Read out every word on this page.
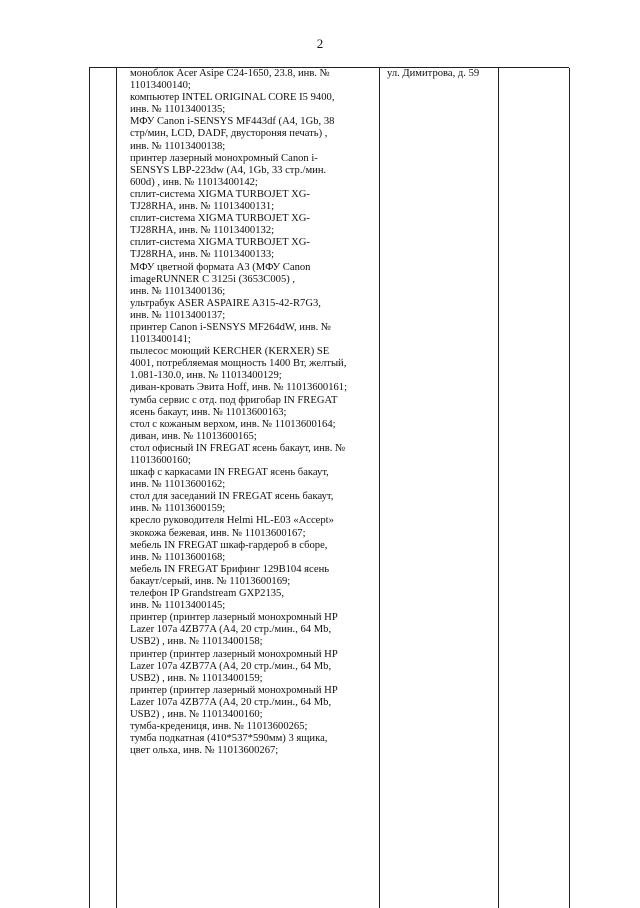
2
моноблок Acer Asipe C24-1650, 23.8, инв. №
11013400140;
компьютер INTEL ORIGINAL CORE I5 9400,
инв. № 11013400135;
МФУ Canon i-SENSYS MF443df (A4, 1Gb, 38
стр/мин, LCD, DADF, двустороняя печать) ,
инв. № 11013400138;
принтер лазерный монохромный Canon i-
SENSYS LBP-223dw (A4, 1Gb, 33 стр./мин.
600d) , инв. № 11013400142;
сплит-система XIGMA TURBOJET XG-
TJ28RHA, инв. № 11013400131;
сплит-система XIGMA TURBOJET XG-
TJ28RHA, инв. № 11013400132;
сплит-система XIGMA TURBOJET XG-
TJ28RHA, инв. № 11013400133;
МФУ цветной формата А3 (МФУ Canon
imageRUNNER C 3125i (3653C005) ,
инв. № 11013400136;
ультрабук ASER ASPAIRE A315-42-R7G3,
инв. № 11013400137;
принтер Canon i-SENSYS MF264dW, инв. №
11013400141;
пылесос моющий KERCHER (KERXER) SE
4001, потребляемая мощность 1400 Вт, желтый,
1.081-130.0, инв. № 11013400129;
диван-кровать Эвита Hoff, инв. № 11013600161;
тумба сервис с отд. под фригобар IN FREGAT
ясень бакаут, инв. № 11013600163;
стол с кожаным верхом, инв. № 11013600164;
диван, инв. № 11013600165;
стол офисный IN FREGAT ясень бакаут, инв. №
11013600160;
шкаф с каркасами IN FREGAT ясень бакаут,
инв. № 11013600162;
стол для заседаний IN FREGAT ясень бакаут,
инв. № 11013600159;
кресло руководителя Helmi HL-E03 «Accept»
экокожа бежевая, инв. № 11013600167;
мебель IN FREGAT шкаф-гардероб в сборе,
инв. № 11013600168;
мебель IN FREGAT Брифинг 129В104 ясень
бакаут/серый, инв. № 11013600169;
телефон IP Grandstream GXP2135,
инв. № 11013400145;
принтер (принтер лазерный монохромный HP
Lazer 107a 4ZB77A (A4, 20 стр./мин., 64 Mb,
USB2) , инв. № 11013400158;
принтер (принтер лазерный монохромный HP
Lazer 107a 4ZB77A (A4, 20 стр./мин., 64 Mb,
USB2) , инв. № 11013400159;
принтер (принтер лазерный монохромный HP
Lazer 107a 4ZB77A (A4, 20 стр./мин., 64 Mb,
USB2) , инв. № 11013400160;
тумба-кредениця, инв. № 11013600265;
тумба подкатная (410*537*590мм) 3 ящика,
цвет ольха, инв. № 11013600267;
ул. Димитрова, д. 59
